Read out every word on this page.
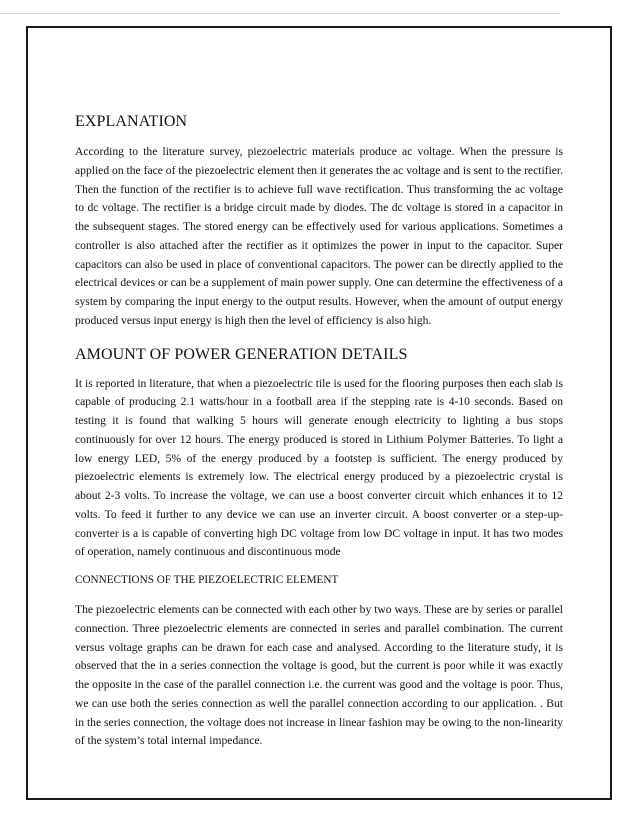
EXPLANATION

According to the literature survey, piezoelectric materials produce ac voltage. When the pressure is applied on the face of the piezoelectric element then it generates the ac voltage and is sent to the rectifier. Then the function of the rectifier is to achieve full wave rectification. Thus transforming the ac voltage to dc voltage. The rectifier is a bridge circuit made by diodes. The dc voltage is stored in a capacitor in the subsequent stages. The stored energy can be effectively used for various applications. Sometimes a controller is also attached after the rectifier as it optimizes the power in input to the capacitor. Super capacitors can also be used in place of conventional capacitors. The power can be directly applied to the electrical devices or can be a supplement of main power supply. One can determine the effectiveness of a system by comparing the input energy to the output results. However, when the amount of output energy produced versus input energy is high then the level of efficiency is also high.

AMOUNT OF POWER GENERATION DETAILS

It is reported in literature, that when a piezoelectric tile is used for the flooring purposes then each slab is capable of producing 2.1 watts/hour in a football area if the stepping rate is 4-10 seconds. Based on testing it is found that walking 5 hours will generate enough electricity to lighting a bus stops continuously for over 12 hours. The energy produced is stored in Lithium Polymer Batteries. To light a low energy LED, 5% of the energy produced by a footstep is sufficient. The energy produced by piezoelectric elements is extremely low. The electrical energy produced by a piezoelectric crystal is about 2-3 volts. To increase the voltage, we can use a boost converter circuit which enhances it to 12 volts. To feed it further to any device we can use an inverter circuit. A boost converter or a step-up-converter is a is capable of converting high DC voltage from low DC voltage in input. It has two modes of operation, namely continuous and discontinuous mode

CONNECTIONS OF THE PIEZOELECTRIC ELEMENT

The piezoelectric elements can be connected with each other by two ways. These are by series or parallel connection. Three piezoelectric elements are connected in series and parallel combination. The current versus voltage graphs can be drawn for each case and analysed. According to the literature study, it is observed that the in a series connection the voltage is good, but the current is poor while it was exactly the opposite in the case of the parallel connection i.e. the current was good and the voltage is poor. Thus, we can use both the series connection as well the parallel connection according to our application. . But in the series connection, the voltage does not increase in linear fashion may be owing to the non-linearity of the system’s total internal impedance.
